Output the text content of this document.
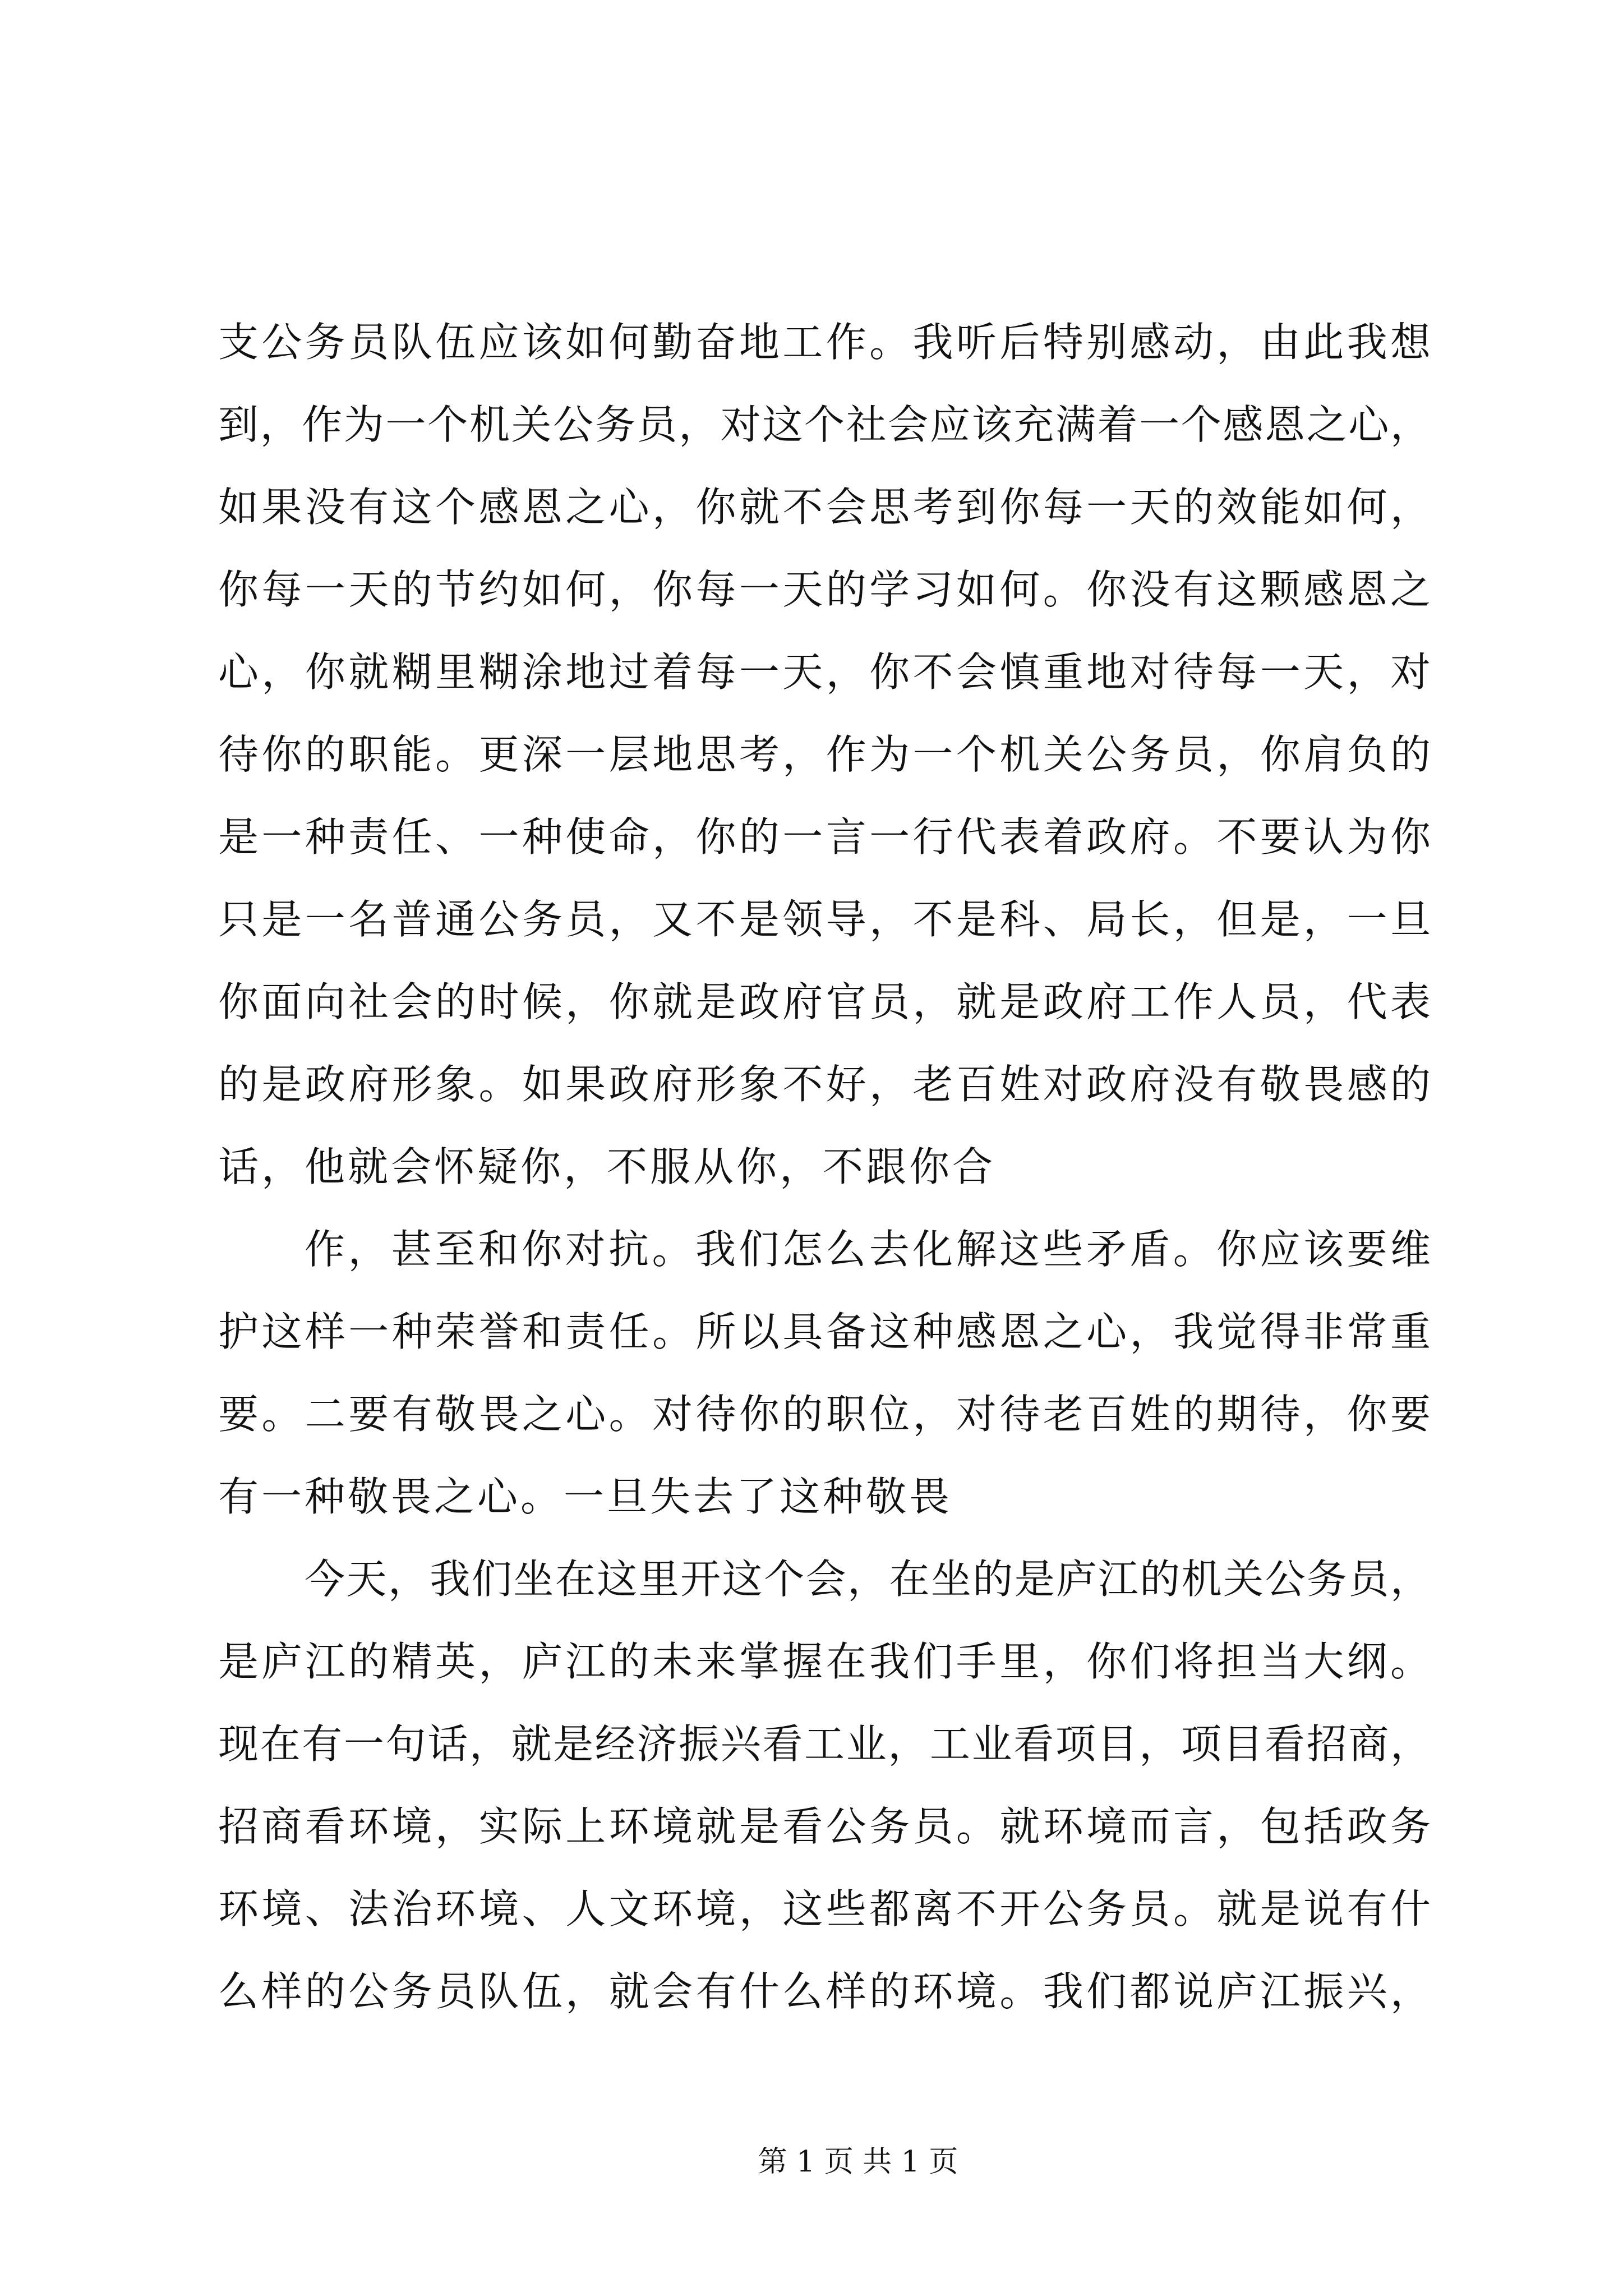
支公务员队伍应该如何勤奋地工作。我听后特别感动，由此我想
到，作为一个机关公务员，对这个社会应该充满着一个感恩之心，
如果没有这个感恩之心，你就不会思考到你每一天的效能如何，
你每一天的节约如何，你每一天的学习如何。你没有这颗感恩之
心，你就糊里糊涂地过着每一天，你不会慎重地对待每一天，对
待你的职能。更深一层地思考，作为一个机关公务员，你肩负的
是一种责任、一种使命，你的一言一行代表着政府。不要认为你
只是一名普通公务员，又不是领导，不是科、局长，但是，一旦
你面向社会的时候，你就是政府官员，就是政府工作人员，代表
的是政府形象。如果政府形象不好，老百姓对政府没有敬畏感的
话，他就会怀疑你，不服从你，不跟你合
作，甚至和你对抗。我们怎么去化解这些矛盾。你应该要维
护这样一种荣誉和责任。所以具备这种感恩之心，我觉得非常重
要。二要有敬畏之心。对待你的职位，对待老百姓的期待，你要
有一种敬畏之心。一旦失去了这种敬畏
今天，我们坐在这里开这个会，在坐的是庐江的机关公务员，
是庐江的精英，庐江的未来掌握在我们手里，你们将担当大纲。
现在有一句话，就是经济振兴看工业，工业看项目，项目看招商，
招商看环境，实际上环境就是看公务员。就环境而言，包括政务
环境、法治环境、人文环境，这些都离不开公务员。就是说有什
么样的公务员队伍，就会有什么样的环境。我们都说庐江振兴，
第 1 页 共 1 页
